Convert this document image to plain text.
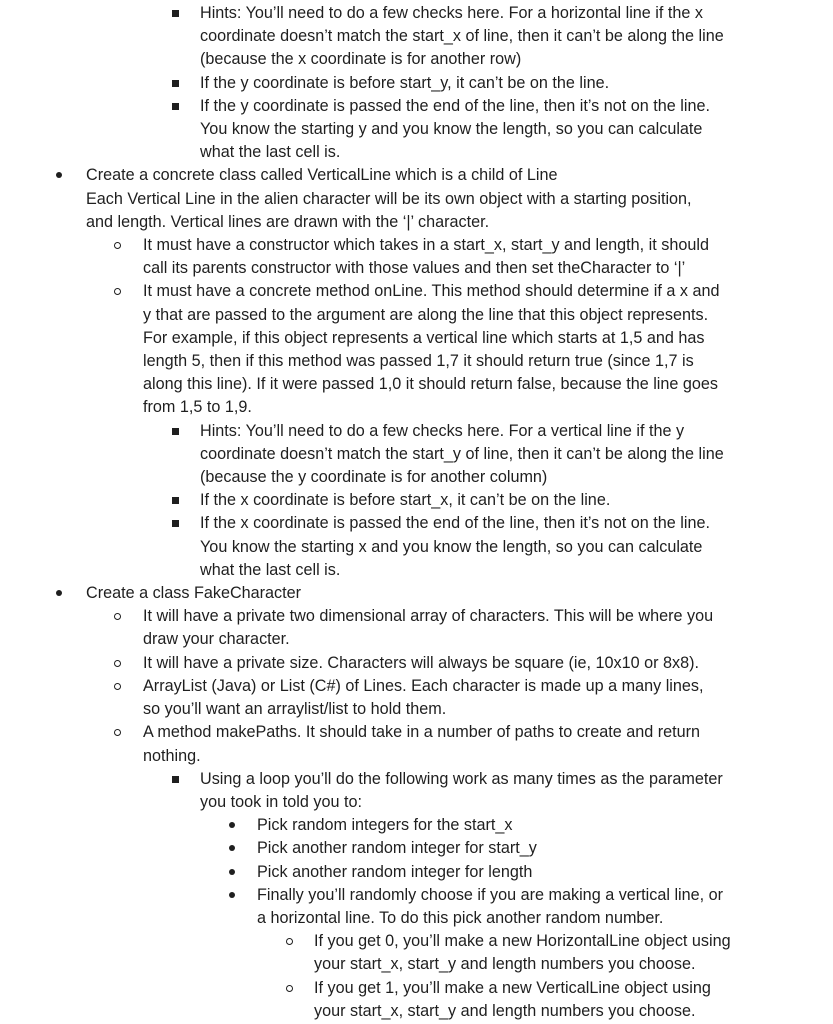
Hints: You’ll need to do a few checks here. For a horizontal line if the x
coordinate doesn’t match the start_x of line, then it can’t be along the line
(because the x coordinate is for another row)
If the y coordinate is before start_y, it can’t be on the line.
If the y coordinate is passed the end of the line, then it’s not on the line.
You know the starting y and you know the length, so you can calculate
what the last cell is.
Create a concrete class called VerticalLine which is a child of Line
Each Vertical Line in the alien character will be its own object with a starting position,
and length. Vertical lines are drawn with the ‘|’ character.
It must have a constructor which takes in a start_x, start_y and length, it should
call its parents constructor with those values and then set theCharacter to ‘|’
It must have a concrete method onLine. This method should determine if a x and
y that are passed to the argument are along the line that this object represents.
For example, if this object represents a vertical line which starts at 1,5 and has
length 5, then if this method was passed 1,7 it should return true (since 1,7 is
along this line). If it were passed 1,0 it should return false, because the line goes
from 1,5 to 1,9.
Hints: You’ll need to do a few checks here. For a vertical line if the y
coordinate doesn’t match the start_y of line, then it can’t be along the line
(because the y coordinate is for another column)
If the x coordinate is before start_x, it can’t be on the line.
If the x coordinate is passed the end of the line, then it’s not on the line.
You know the starting x and you know the length, so you can calculate
what the last cell is.
Create a class FakeCharacter
It will have a private two dimensional array of characters. This will be where you
draw your character.
It will have a private size. Characters will always be square (ie, 10x10 or 8x8).
ArrayList (Java) or List (C#) of Lines. Each character is made up a many lines,
so you’ll want an arraylist/list to hold them.
A method makePaths. It should take in a number of paths to create and return
nothing.
Using a loop you’ll do the following work as many times as the parameter
you took in told you to:
Pick random integers for the start_x
Pick another random integer for start_y
Pick another random integer for length
Finally you’ll randomly choose if you are making a vertical line, or
a horizontal line. To do this pick another random number.
If you get 0, you’ll make a new HorizontalLine object using
your start_x, start_y and length numbers you choose.
If you get 1, you’ll make a new VerticalLine object using
your start_x, start_y and length numbers you choose.
